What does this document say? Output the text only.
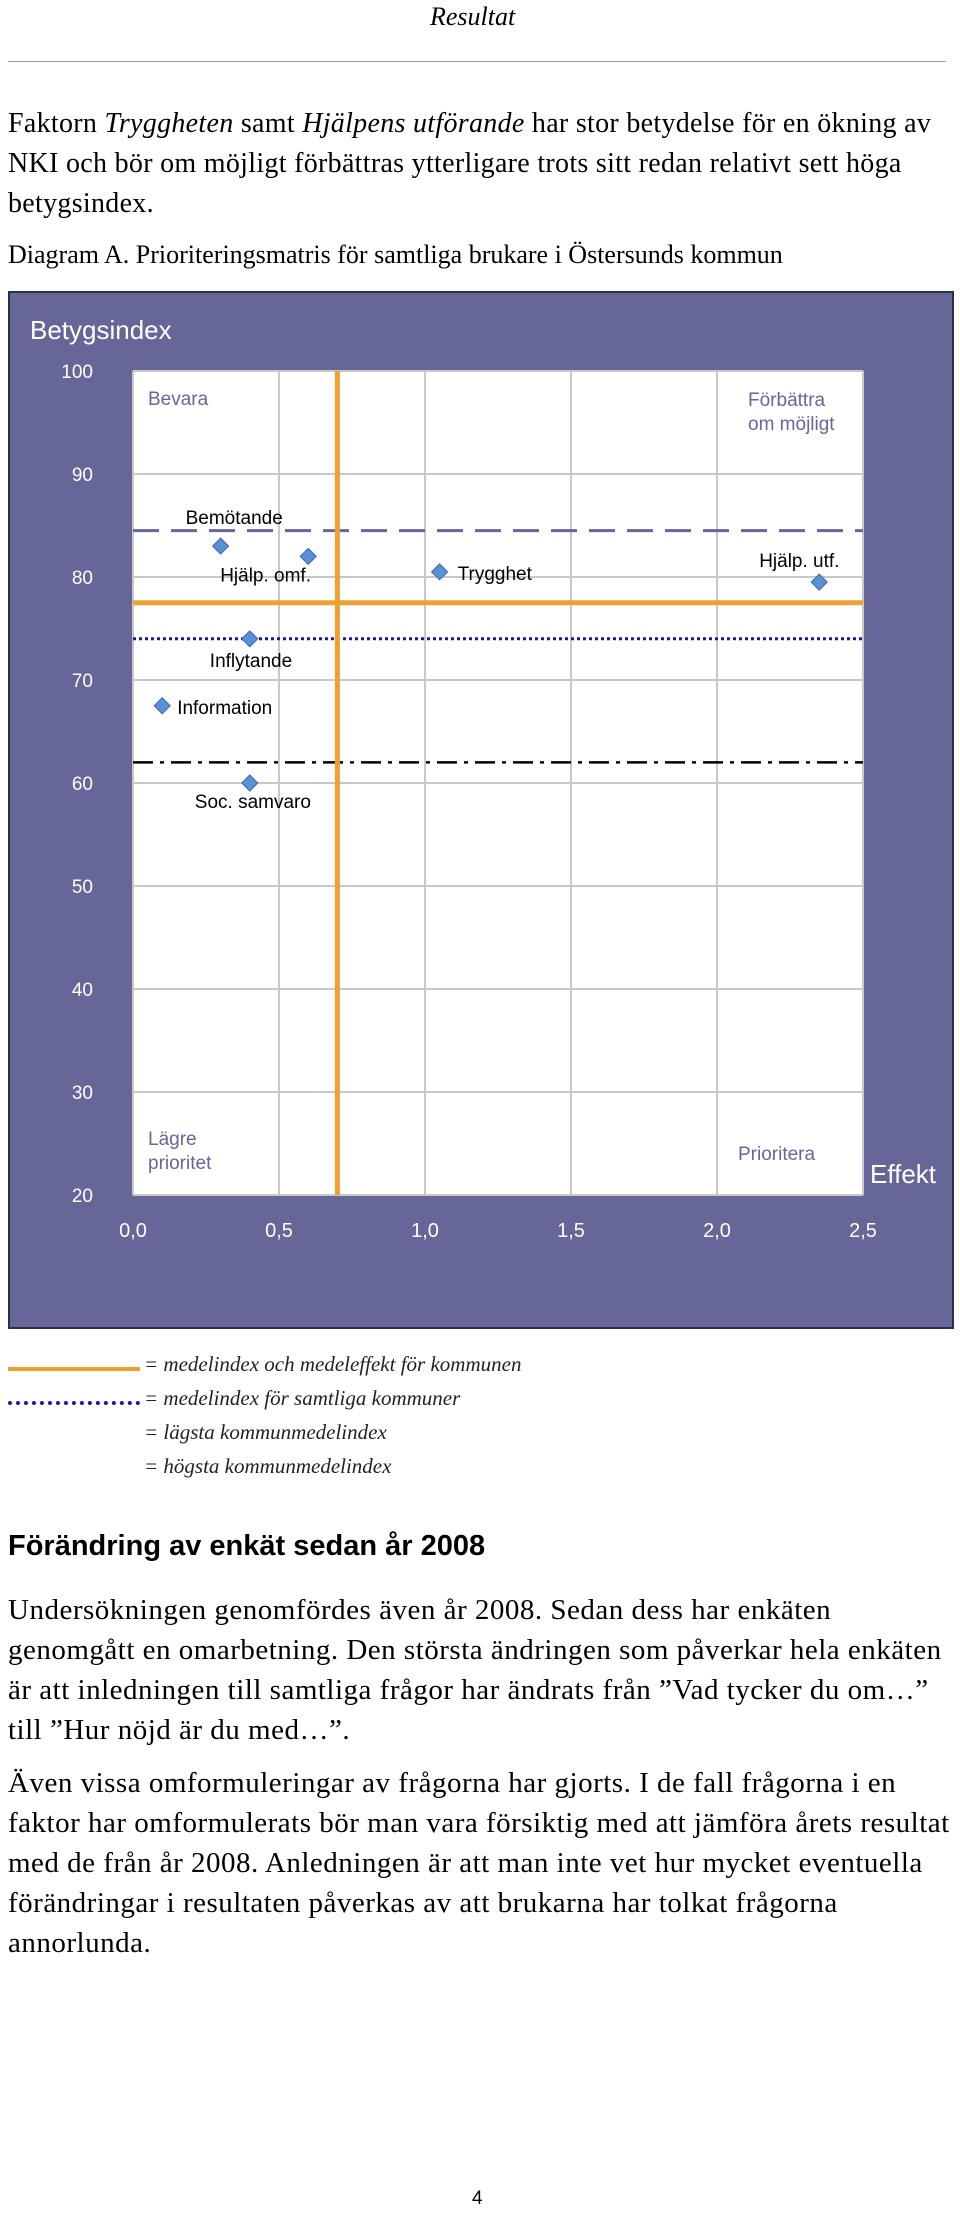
Resultat
Faktorn Tryggheten samt Hjälpens utförande har stor betydelse för en ökning av NKI och bör om möjligt förbättras ytterligare trots sitt redan relativt sett höga betygsindex.
Diagram A. Prioriteringsmatris för samtliga brukare i Östersunds kommun
100
90
80
70
60
50
40
30
20
0,0	0,5	1,0	1,5	2,0	2,5
Betygsindex
Effekt
Bevara	Förbättra om möjligt
Lägre prioritet	Prioritera
Bemötande
Hjälp. omf.	Trygghet
Hjälp. utf.
Inflytande
Information
Soc. samvaro
= medelindex och medeleffekt för kommunen
= medelindex för samtliga kommuner
= lägsta kommunmedelindex
= högsta kommunmedelindex
Förändring av enkät sedan år 2008
Undersökningen genomfördes även år 2008. Sedan dess har enkäten genomgått en omarbetning. Den största ändringen som påverkar hela enkäten är att inledningen till samtliga frågor har ändrats från ”Vad tycker du om…” till ”Hur nöjd är du med…”.
Även vissa omformuleringar av frågorna har gjorts. I de fall frågorna i en faktor har omformulerats bör man vara försiktig med att jämföra årets resultat med de från år 2008. Anledningen är att man inte vet hur mycket eventuella förändringar i resultaten påverkas av att brukarna har tolkat frågorna annorlunda.
4
